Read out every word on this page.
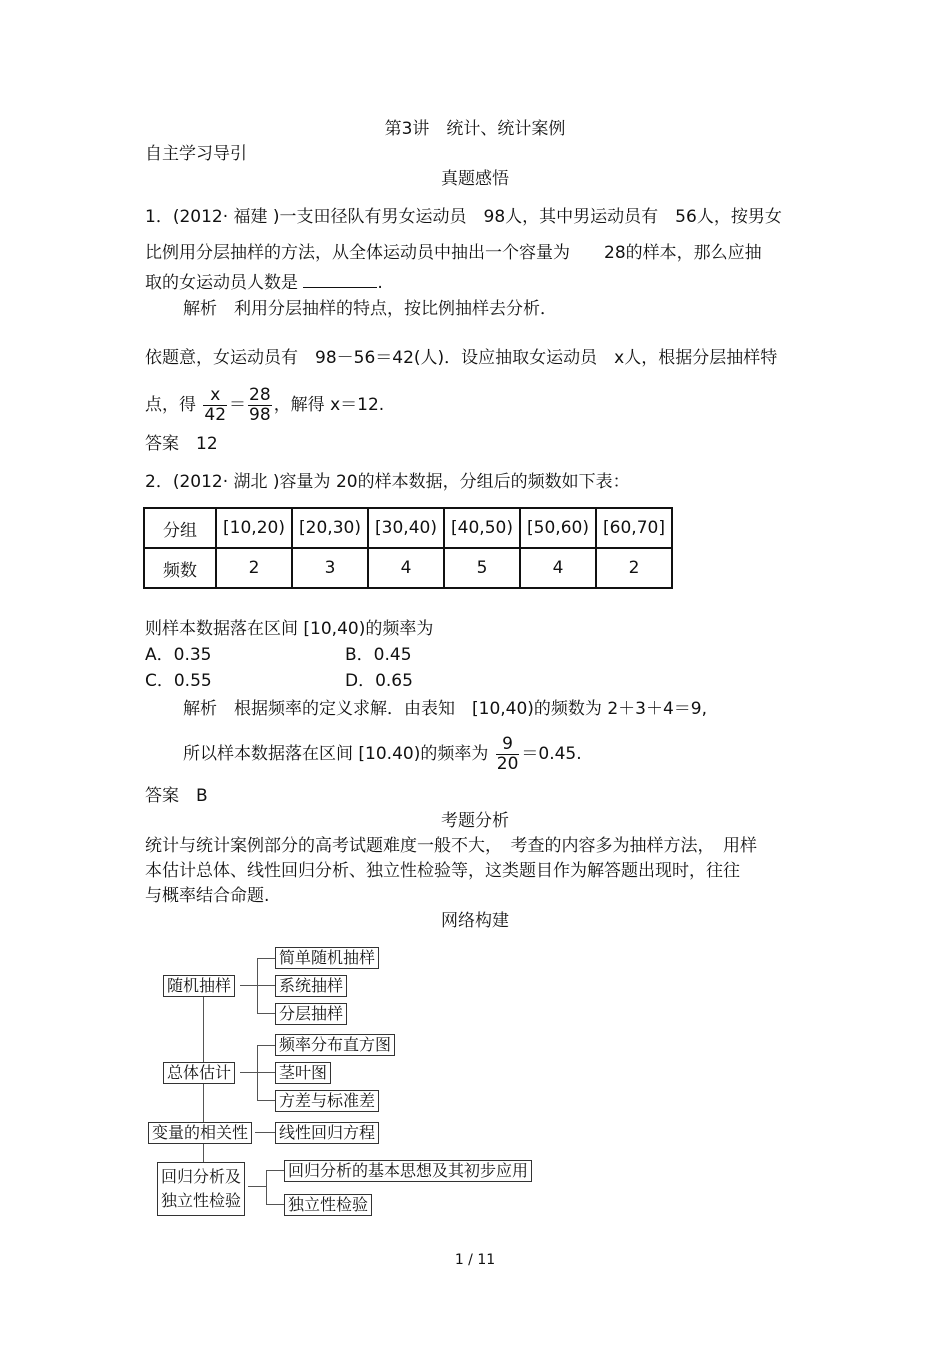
第3讲　统计、统计案例
自主学习导引
真题感悟
1．(2012· 福建 )一支田径队有男女运动员　98人，其中男运动员有　56人，按男女
比例用分层抽样的方法，从全体运动员中抽出一个容量为　　28的样本，那么应抽
取的女运动员人数是	.
解析　利用分层抽样的特点，按比例抽样去分析．
依题意，女运动员有　98－56＝42(人)．设应抽取女运动员　x人，根据分层抽样特
点，得 $\frac{x}{42} = \frac{28}{98}$ ，解得 x＝12.
答案　12
2．(2012· 湖北 )容量为 20的样本数据，分组后的频数如下表：
分组	[10,20)	[20,30)	[30,40)	[40,50)	[50,60)	[60,70]
频数	2	3	4	5	4	2
则样本数据落在区间 [10,40)的频率为
A．0.35	B．0.45
C．0.55	D．0.65
解析　根据频率的定义求解．由表知　[10,40)的频数为 2＋3＋4＝9,
所以样本数据落在区间 [10.40)的频率为 $\frac{9}{20} =0.45$.
答案　B
考题分析
统计与统计案例部分的高考试题难度一般不大，　考查的内容多为抽样方法，　用样
本估计总体、线性回归分析、独立性检验等，这类题目作为解答题出现时，往往
与概率结合命题.
网络构建
随机抽样
简单随机抽样
系统抽样
分层抽样
总体估计
频率分布直方图
茎叶图
方差与标准差
变量的相关性 线性回归方程
回归分析及
独立性检验
回归分析的基本思想及其初步应用
独立性检验
1 / 11
